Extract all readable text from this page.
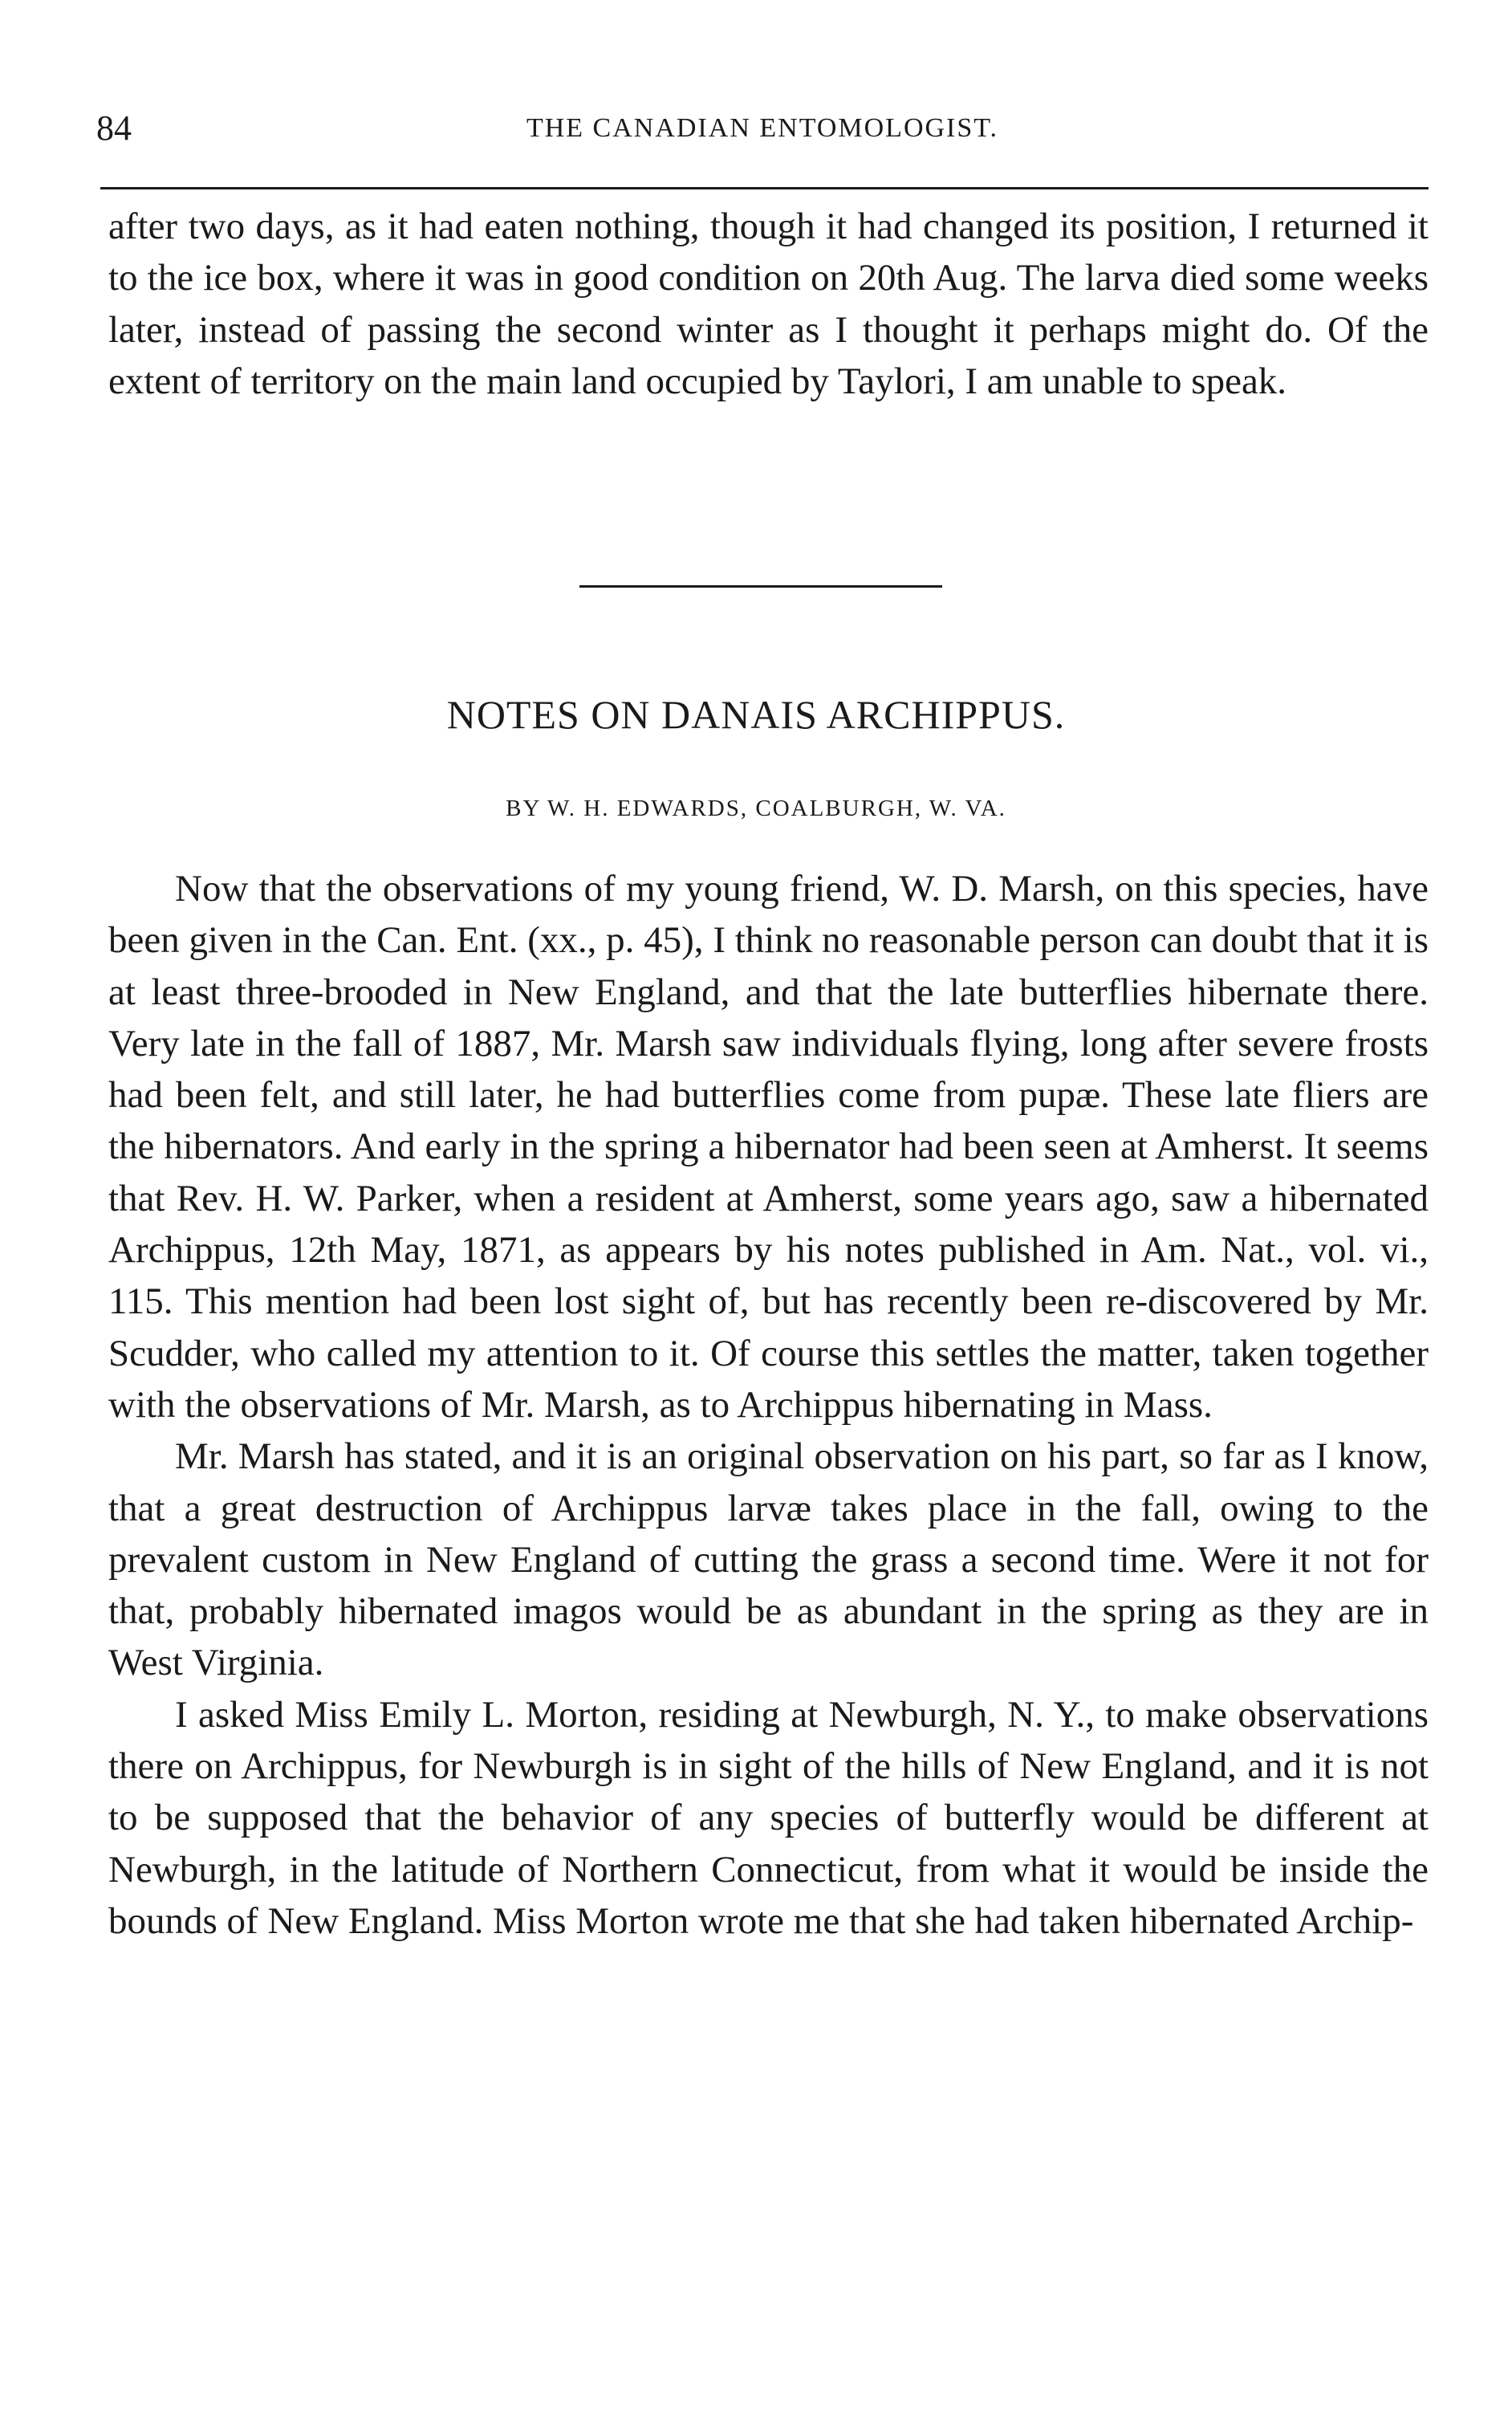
84	THE CANADIAN ENTOMOLOGIST.

after two days, as it had eaten nothing, though it had changed its position, I returned it to the ice box, where it was in good condition on 20th Aug. The larva died some weeks later, instead of passing the second winter as I thought it perhaps might do. Of the extent of territory on the main land occupied by Taylori, I am unable to speak.

NOTES ON DANAIS ARCHIPPUS.
BY W. H. EDWARDS, COALBURGH, W. VA.

Now that the observations of my young friend, W. D. Marsh, on this species, have been given in the Can. Ent. (xx., p. 45), I think no reasonable person can doubt that it is at least three-brooded in New England, and that the late butterflies hibernate there. Very late in the fall of 1887, Mr. Marsh saw individuals flying, long after severe frosts had been felt, and still later, he had butterflies come from pupæ. These late fliers are the hibernators. And early in the spring a hibernator had been seen at Amherst. It seems that Rev. H. W. Parker, when a resident at Amherst, some years ago, saw a hibernated Archippus, 12th May, 1871, as appears by his notes published in Am. Nat., vol. vi., 115. This mention had been lost sight of, but has recently been re-discovered by Mr. Scudder, who called my attention to it. Of course this settles the matter, taken together with the observations of Mr. Marsh, as to Archippus hibernating in Mass.

Mr. Marsh has stated, and it is an original observation on his part, so far as I know, that a great destruction of Archippus larvæ takes place in the fall, owing to the prevalent custom in New England of cutting the grass a second time. Were it not for that, probably hibernated imagos would be as abundant in the spring as they are in West Virginia.

I asked Miss Emily L. Morton, residing at Newburgh, N. Y., to make observations there on Archippus, for Newburgh is in sight of the hills of New England, and it is not to be supposed that the behavior of any species of butterfly would be different at Newburgh, in the latitude of Northern Connecticut, from what it would be inside the bounds of New England. Miss Morton wrote me that she had taken hibernated Archip-
